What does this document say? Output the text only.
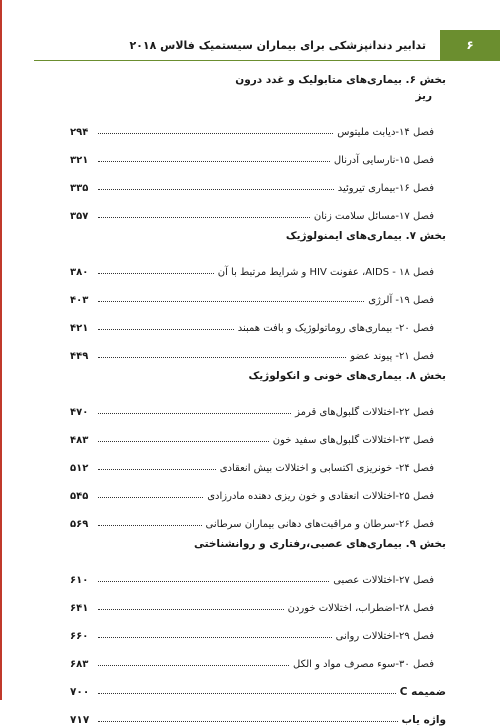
تدابیر دندانپزشکی برای بیماران سیستمیک فالاس ۲۰۱۸	۶
بخش ۶. بیماری‌های متابولیک و غدد درون
ریز
فصل ۱۴-دیابت ملیتوس
۲۹۴
فصل ۱۵-نارسایی آدرنال
۳۲۱
فصل ۱۶-بیماری تیروئید
۳۳۵
فصل ۱۷-مسائل سلامت زنان
۳۵۷
بخش ۷. بیماری‌های ایمنولوژیک
فصل ۱۸ - AIDS، عفونت HIV و شرایط مرتبط با آن
۳۸۰
فصل ۱۹- آلرژی
۴۰۳
فصل ۲۰- بیماری‌های روماتولوژیک و بافت همبند
۴۲۱
فصل ۲۱- پیوند عضو
۴۴۹
بخش ۸. بیماری‌های خونی و انکولوژیک
فصل ۲۲-اختلالات گلبول‌های قرمز
۴۷۰
فصل ۲۳-اختلالات گلبول‌های سفید خون
۴۸۳
فصل ۲۴- خونریزی اکتسابی و اختلالات بیش انعقادی
۵۱۲
فصل ۲۵-اختلالات انعقادی و خون ریزی دهنده مادرزادی
۵۴۵
فصل ۲۶-سرطان و مراقبت‌های دهانی بیماران سرطانی
۵۶۹
بخش ۹. بیماری‌های عصبی،رفتاری و روانشناختی
فصل ۲۷-اختلالات عصبی
۶۱۰
فصل ۲۸-اضطراب، اختلالات خوردن
۶۴۱
فصل ۲۹-اختلالات روانی
۶۶۰
فصل ۳۰-سوء مصرف مواد و الکل
۶۸۳
ضمیمه C
۷۰۰
واژه یاب
۷۱۷
